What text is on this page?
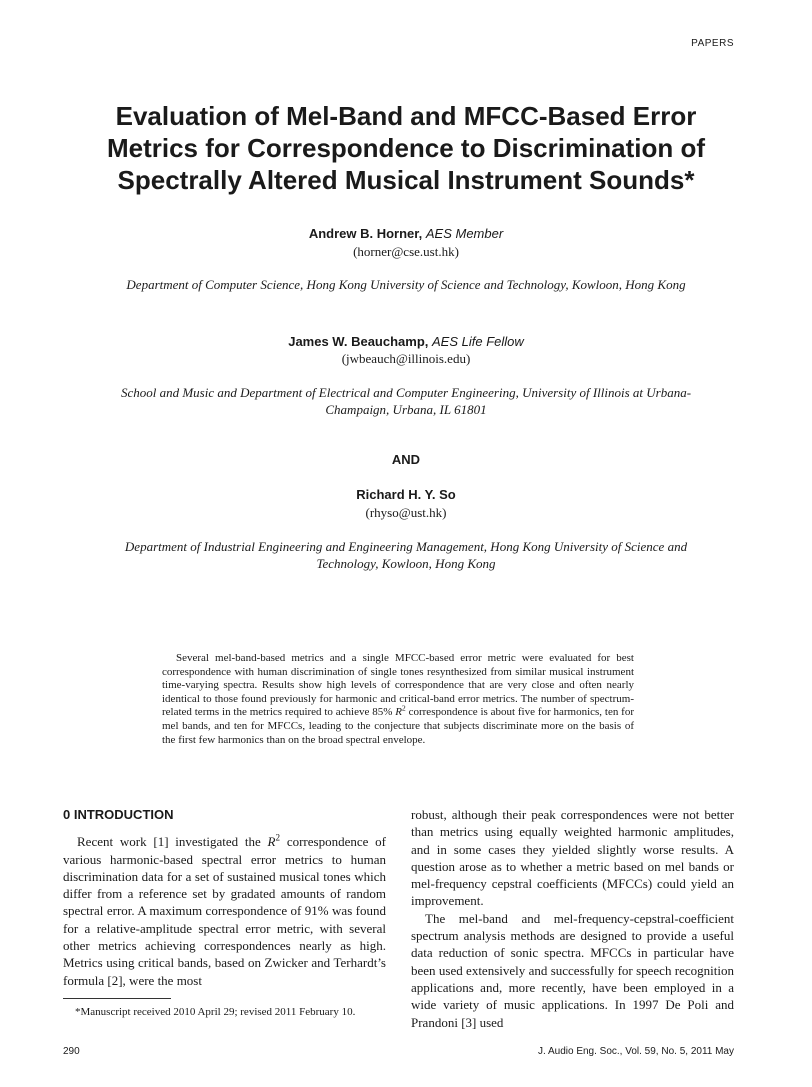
PAPERS
Evaluation of Mel-Band and MFCC-Based Error
Metrics for Correspondence to Discrimination of
Spectrally Altered Musical Instrument Sounds*
Andrew B. Horner, AES Member
(horner@cse.ust.hk)
Department of Computer Science, Hong Kong University of Science and Technology, Kowloon, Hong Kong
James W. Beauchamp, AES Life Fellow
(jwbeauch@illinois.edu)
School and Music and Department of Electrical and Computer Engineering, University of Illinois at Urbana-
Champaign, Urbana, IL 61801
AND
Richard H. Y. So
(rhyso@ust.hk)
Department of Industrial Engineering and Engineering Management, Hong Kong University of Science and
Technology, Kowloon, Hong Kong

Several mel-band-based metrics and a single MFCC-based error metric were evaluated for best correspondence with human discrimination of single tones resynthesized from similar musical instrument time-varying spectra. Results show high levels of correspondence that are very close and often nearly identical to those found previously for harmonic and critical-band error metrics. The number of spectrum-related terms in the metrics required to achieve 85% $R^2$ correspondence is about five for harmonics, ten for mel bands, and ten for MFCCs, leading to the conjecture that subjects discriminate more on the basis of the first few harmonics than on the broad spectral envelope.

0 INTRODUCTION

Recent work [1] investigated the $R^2$ correspondence of various harmonic-based spectral error metrics to human discrimination data for a set of sustained musical tones which differ from a reference set by gradated amounts of random spectral error. A maximum correspondence of 91% was found for a relative-amplitude spectral error metric, with several other metrics achieving correspondences nearly as high. Metrics using critical bands, based on Zwicker and Terhardt’s formula [2], were the most

robust, although their peak correspondences were not better than metrics using equally weighted harmonic amplitudes, and in some cases they yielded slightly worse results. A question arose as to whether a metric based on mel bands or mel-frequency cepstral coefficients (MFCCs) could yield an improvement.

The mel-band and mel-frequency-cepstral-coefficient spectrum analysis methods are designed to provide a useful data reduction of sonic spectra. MFCCs in particular have been used extensively and successfully for speech recognition applications and, more recently, have been employed in a wide variety of music applications. In 1997 De Poli and Prandoni [3] used

*Manuscript received 2010 April 29; revised 2011 February 10.
290	J. Audio Eng. Soc., Vol. 59, No. 5, 2011 May
